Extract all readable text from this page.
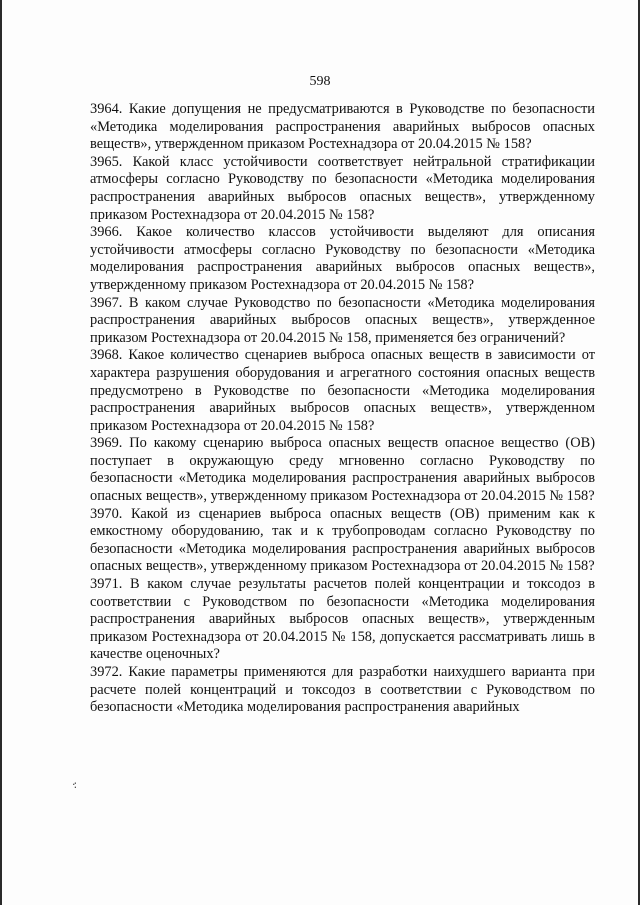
598

3964. Какие допущения не предусматриваются в Руководстве по безопасности «Методика моделирования распространения аварийных выбросов опасных веществ», утвержденном приказом Ростехнадзора от 20.04.2015 № 158?

3965. Какой класс устойчивости соответствует нейтральной стратификации атмосферы согласно Руководству по безопасности «Методика моделирования распространения аварийных выбросов опасных веществ», утвержденному приказом Ростехнадзора от 20.04.2015 № 158?

3966. Какое количество классов устойчивости выделяют для описания устойчивости атмосферы согласно Руководству по безопасности «Методика моделирования распространения аварийных выбросов опасных веществ», утвержденному приказом Ростехнадзора от 20.04.2015 № 158?

3967. В каком случае Руководство по безопасности «Методика моделирования распространения аварийных выбросов опасных веществ», утвержденное приказом Ростехнадзора от 20.04.2015 № 158, применяется без ограничений?

3968. Какое количество сценариев выброса опасных веществ в зависимости от характера разрушения оборудования и агрегатного состояния опасных веществ предусмотрено в Руководстве по безопасности «Методика моделирования распространения аварийных выбросов опасных веществ», утвержденном приказом Ростехнадзора от 20.04.2015 № 158?

3969. По какому сценарию выброса опасных веществ опасное вещество (ОВ) поступает в окружающую среду мгновенно согласно Руководству по безопасности «Методика моделирования распространения аварийных выбросов опасных веществ», утвержденному приказом Ростехнадзора от 20.04.2015 № 158?

3970. Какой из сценариев выброса опасных веществ (ОВ) применим как к емкостному оборудованию, так и к трубопроводам согласно Руководству по безопасности «Методика моделирования распространения аварийных выбросов опасных веществ», утвержденному приказом Ростехнадзора от 20.04.2015 № 158?

3971. В каком случае результаты расчетов полей концентрации и токсодоз в соответствии с Руководством по безопасности «Методика моделирования распространения аварийных выбросов опасных веществ», утвержденным приказом Ростехнадзора от 20.04.2015 № 158, допускается рассматривать лишь в качестве оценочных?

3972. Какие параметры применяются для разработки наихудшего варианта при расчете полей концентраций и токсодоз в соответствии с Руководством по безопасности «Методика моделирования распространения аварийных

·:
